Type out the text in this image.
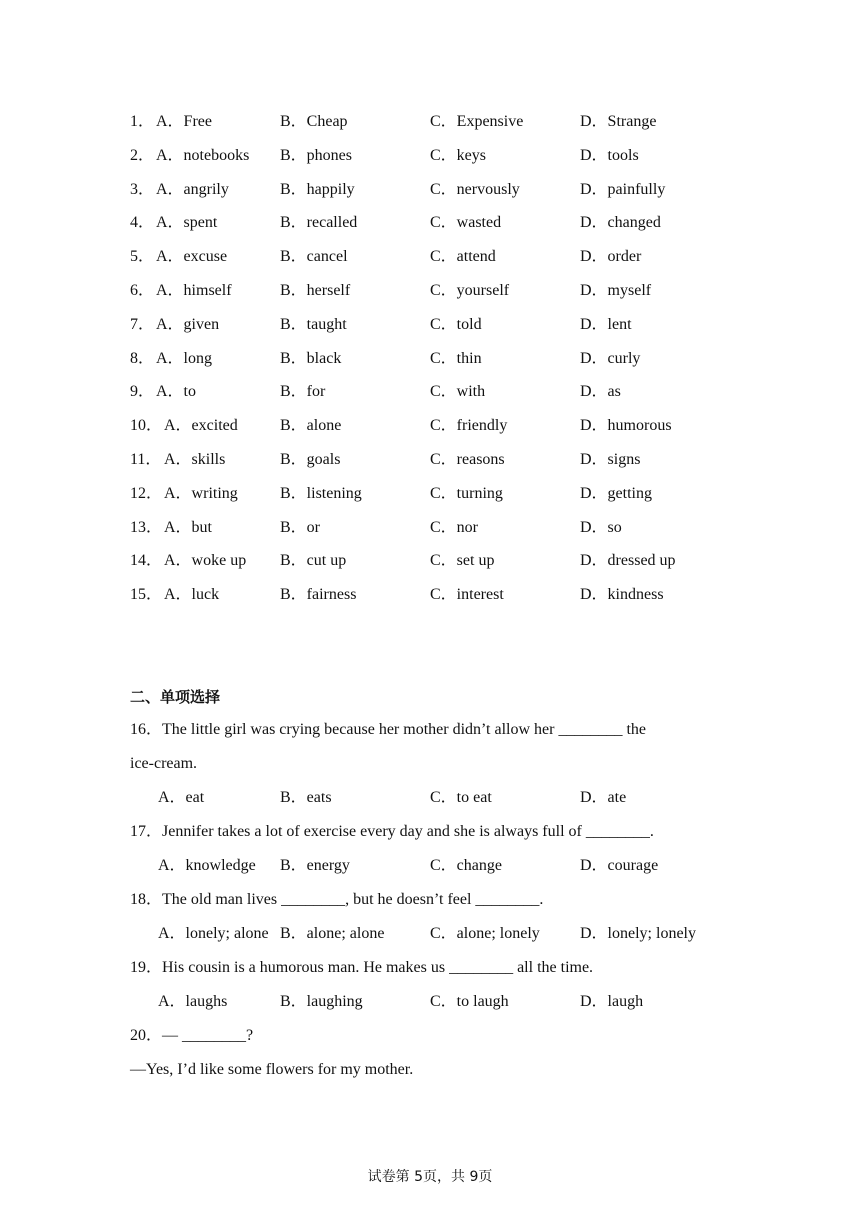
1． A．Free	B．Cheap	C．Expensive	D．Strange
2． A．notebooks B．phones	C．keys	D．tools
3． A．angrily	B．happily	C．nervously	D．painfully
4． A．spent	B．recalled	C．wasted	D．changed
5． A．excuse	B．cancel	C．attend	D．order
6． A．himself	B．herself	C．yourself	D．myself
7． A．given	B．taught	C．told	D．lent
8． A．long	B．black	C．thin	D．curly
9． A．to	B．for	C．with	D．as
10． A．excited	B．alone	C．friendly	D．humorous
11． A．skills	B．goals	C．reasons	D．signs
12． A．writing	B．listening	C．turning	D．getting
13． A．but	B．or	C．nor	D．so
14． A．woke up B．cut up	C．set up	D．dressed up
15． A．luck	B．fairness	C．interest	D．kindness
二、单项选择
16．The little girl was crying because her mother didn’t allow her ________ the
ice-cream.
A．eat	B．eats	C．to eat	D．ate
17．Jennifer takes a lot of exercise every day and she is always full of ________.
A．knowledge B．energy	C．change	D．courage
18．The old man lives ________, but he doesn’t feel ________.
A．lonely; alone B．alone; alone	C．alone; lonely	D．lonely; lonely
19．His cousin is a humorous man. He makes us ________ all the time.
A．laughs	B．laughing	C．to laugh	D．laugh
20．— ________?
—Yes, I’d like some flowers for my mother.
试卷第 5页，共 9页
